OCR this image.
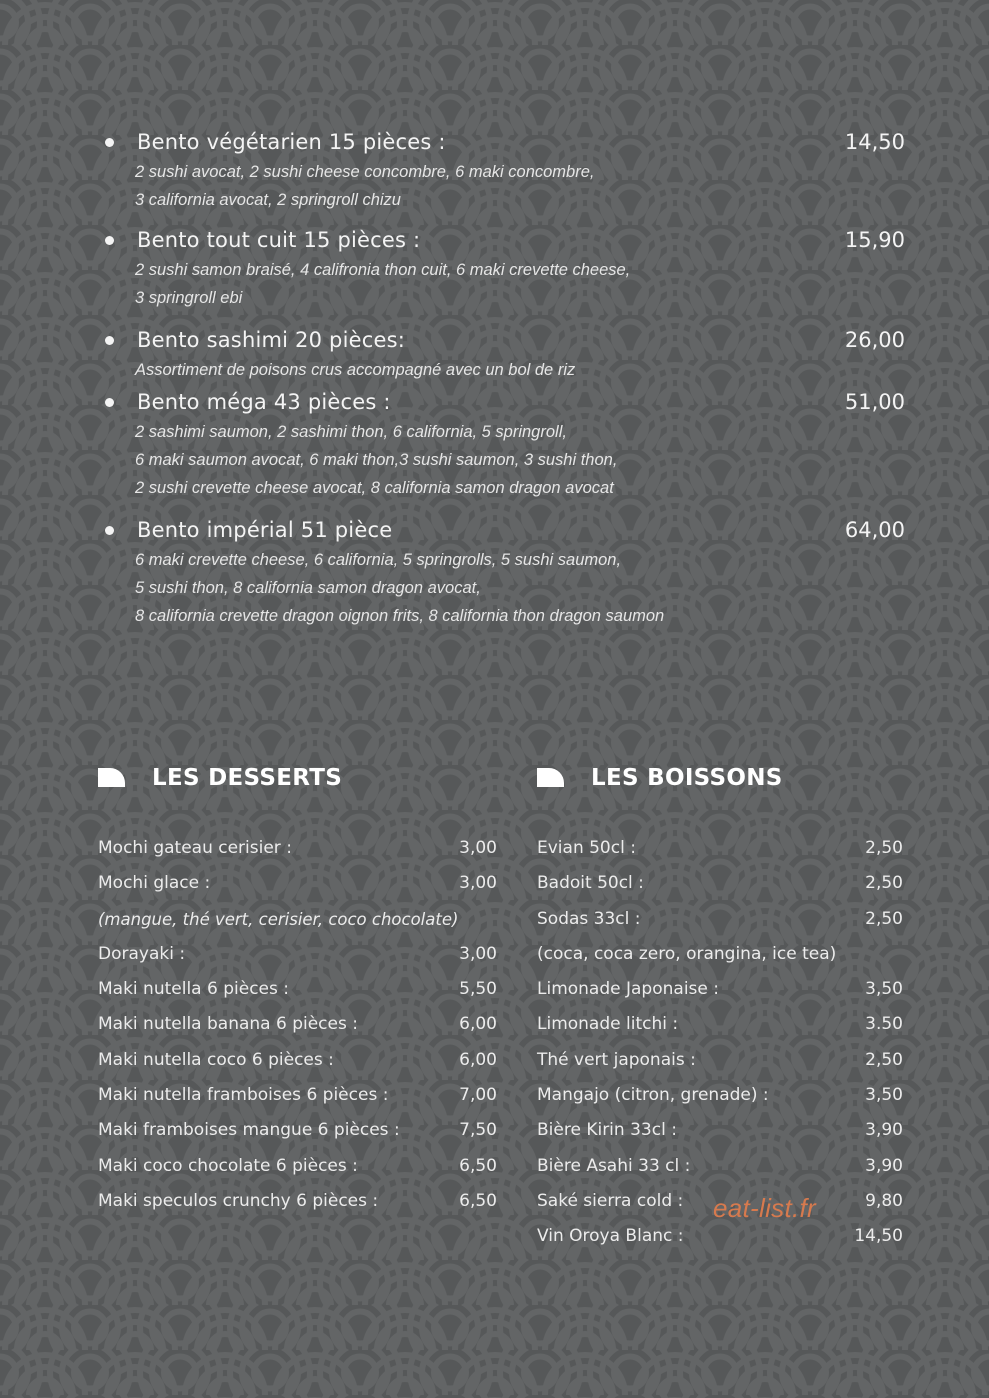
Bento végétarien 15 pièces :	14,50

2 sushi avocat, 2 sushi cheese concombre, 6 maki concombre,
3 california avocat, 2 springroll chizu

Bento tout cuit 15 pièces :	15,90

2 sushi samon braisé, 4 califronia thon cuit, 6 maki crevette cheese,
3 springroll ebi

Bento sashimi 20 pièces:	26,00

Assortiment de poisons crus accompagné avec un bol de riz

Bento méga 43 pièces :	51,00

2 sashimi saumon, 2 sashimi thon, 6 california, 5 springroll,
6 maki saumon avocat, 6 maki thon,3 sushi saumon, 3 sushi thon,
2 sushi crevette cheese avocat, 8 california samon dragon avocat

Bento impérial 51 pièce	64,00

6 maki crevette cheese, 6 california, 5 springrolls, 5 sushi saumon,
5 sushi thon, 8 california samon dragon avocat,
8 california crevette dragon oignon frits, 8 california thon dragon saumon

LES DESSERTS	LES BOISSONS
Mochi gateau cerisier :	3,00
Mochi glace :	3,00
(mangue, thé vert, cerisier, coco chocolate)
Dorayaki :	3,00
Maki nutella 6 pièces :	5,50
Maki nutella banana 6 pièces :	6,00
Maki nutella coco 6 pièces :	6,00
Maki nutella framboises 6 pièces :	7,00
Maki framboises mangue 6 pièces :	7,50
Maki coco chocolate 6 pièces :	6,50
Maki speculos crunchy 6 pièces :	6,50
Evian 50cl :	2,50
Badoit 50cl :	2,50
Sodas 33cl :	2,50
(coca, coca zero, orangina, ice tea)
Limonade Japonaise :	3,50
Limonade litchi :	3.50
Thé vert japonais :	2,50
Mangajo (citron, grenade) :	3,50
Bière Kirin 33cl :	3,90
Bière Asahi 33 cl :	3,90
Saké sierra cold :	9,80
Vin Oroya Blanc :	14,50
eat-list.fr
